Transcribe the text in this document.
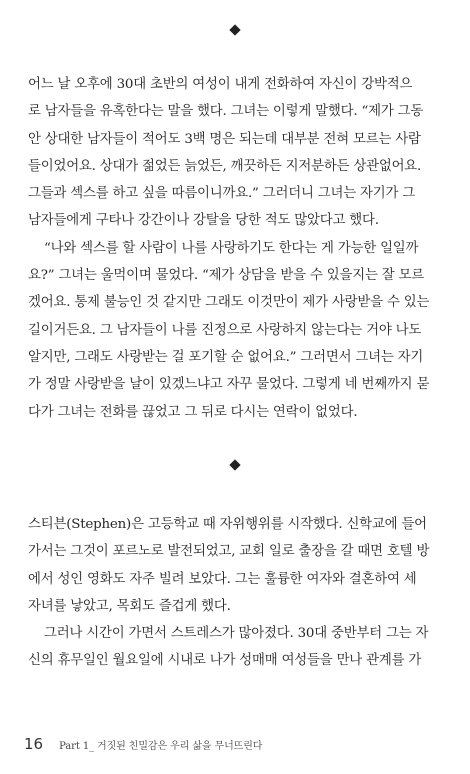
어느 날 오후에 30대 초반의 여성이 내게 전화하여 자신이 강박적으
로 남자들을 유혹한다는 말을 했다. 그녀는 이렇게 말했다. “제가 그동
안 상대한 남자들이 적어도 3백 명은 되는데 대부분 전혀 모르는 사람
들이었어요. 상대가 젊었든 늙었든, 깨끗하든 지저분하든 상관없어요.
그들과 섹스를 하고 싶을 따름이니까요.” 그러더니 그녀는 자기가 그
남자들에게 구타나 강간이나 강탈을 당한 적도 많았다고 했다.
“나와 섹스를 할 사람이 나를 사랑하기도 한다는 게 가능한 일일까
요?” 그녀는 울먹이며 물었다. “제가 상담을 받을 수 있을지는 잘 모르
겠어요. 통제 불능인 것 같지만 그래도 이것만이 제가 사랑받을 수 있는
길이거든요. 그 남자들이 나를 진정으로 사랑하지 않는다는 거야 나도
알지만, 그래도 사랑받는 걸 포기할 순 없어요.” 그러면서 그녀는 자기
가 정말 사랑받을 날이 있겠느냐고 자꾸 물었다. 그렇게 네 번째까지 묻
다가 그녀는 전화를 끊었고 그 뒤로 다시는 연락이 없었다.
스티븐(Stephen)은 고등학교 때 자위행위를 시작했다. 신학교에 들어
가서는 그것이 포르노로 발전되었고, 교회 일로 출장을 갈 때면 호텔 방
에서 성인 영화도 자주 빌려 보았다. 그는 훌륭한 여자와 결혼하여 세
자녀를 낳았고, 목회도 즐겁게 했다.
그러나 시간이 가면서 스트레스가 많아졌다. 30대 중반부터 그는 자
신의 휴무일인 월요일에 시내로 나가 성매매 여성들을 만나 관계를 가
16 Part 1_ 거짓된 친밀감은 우리 삶을 무너뜨린다
